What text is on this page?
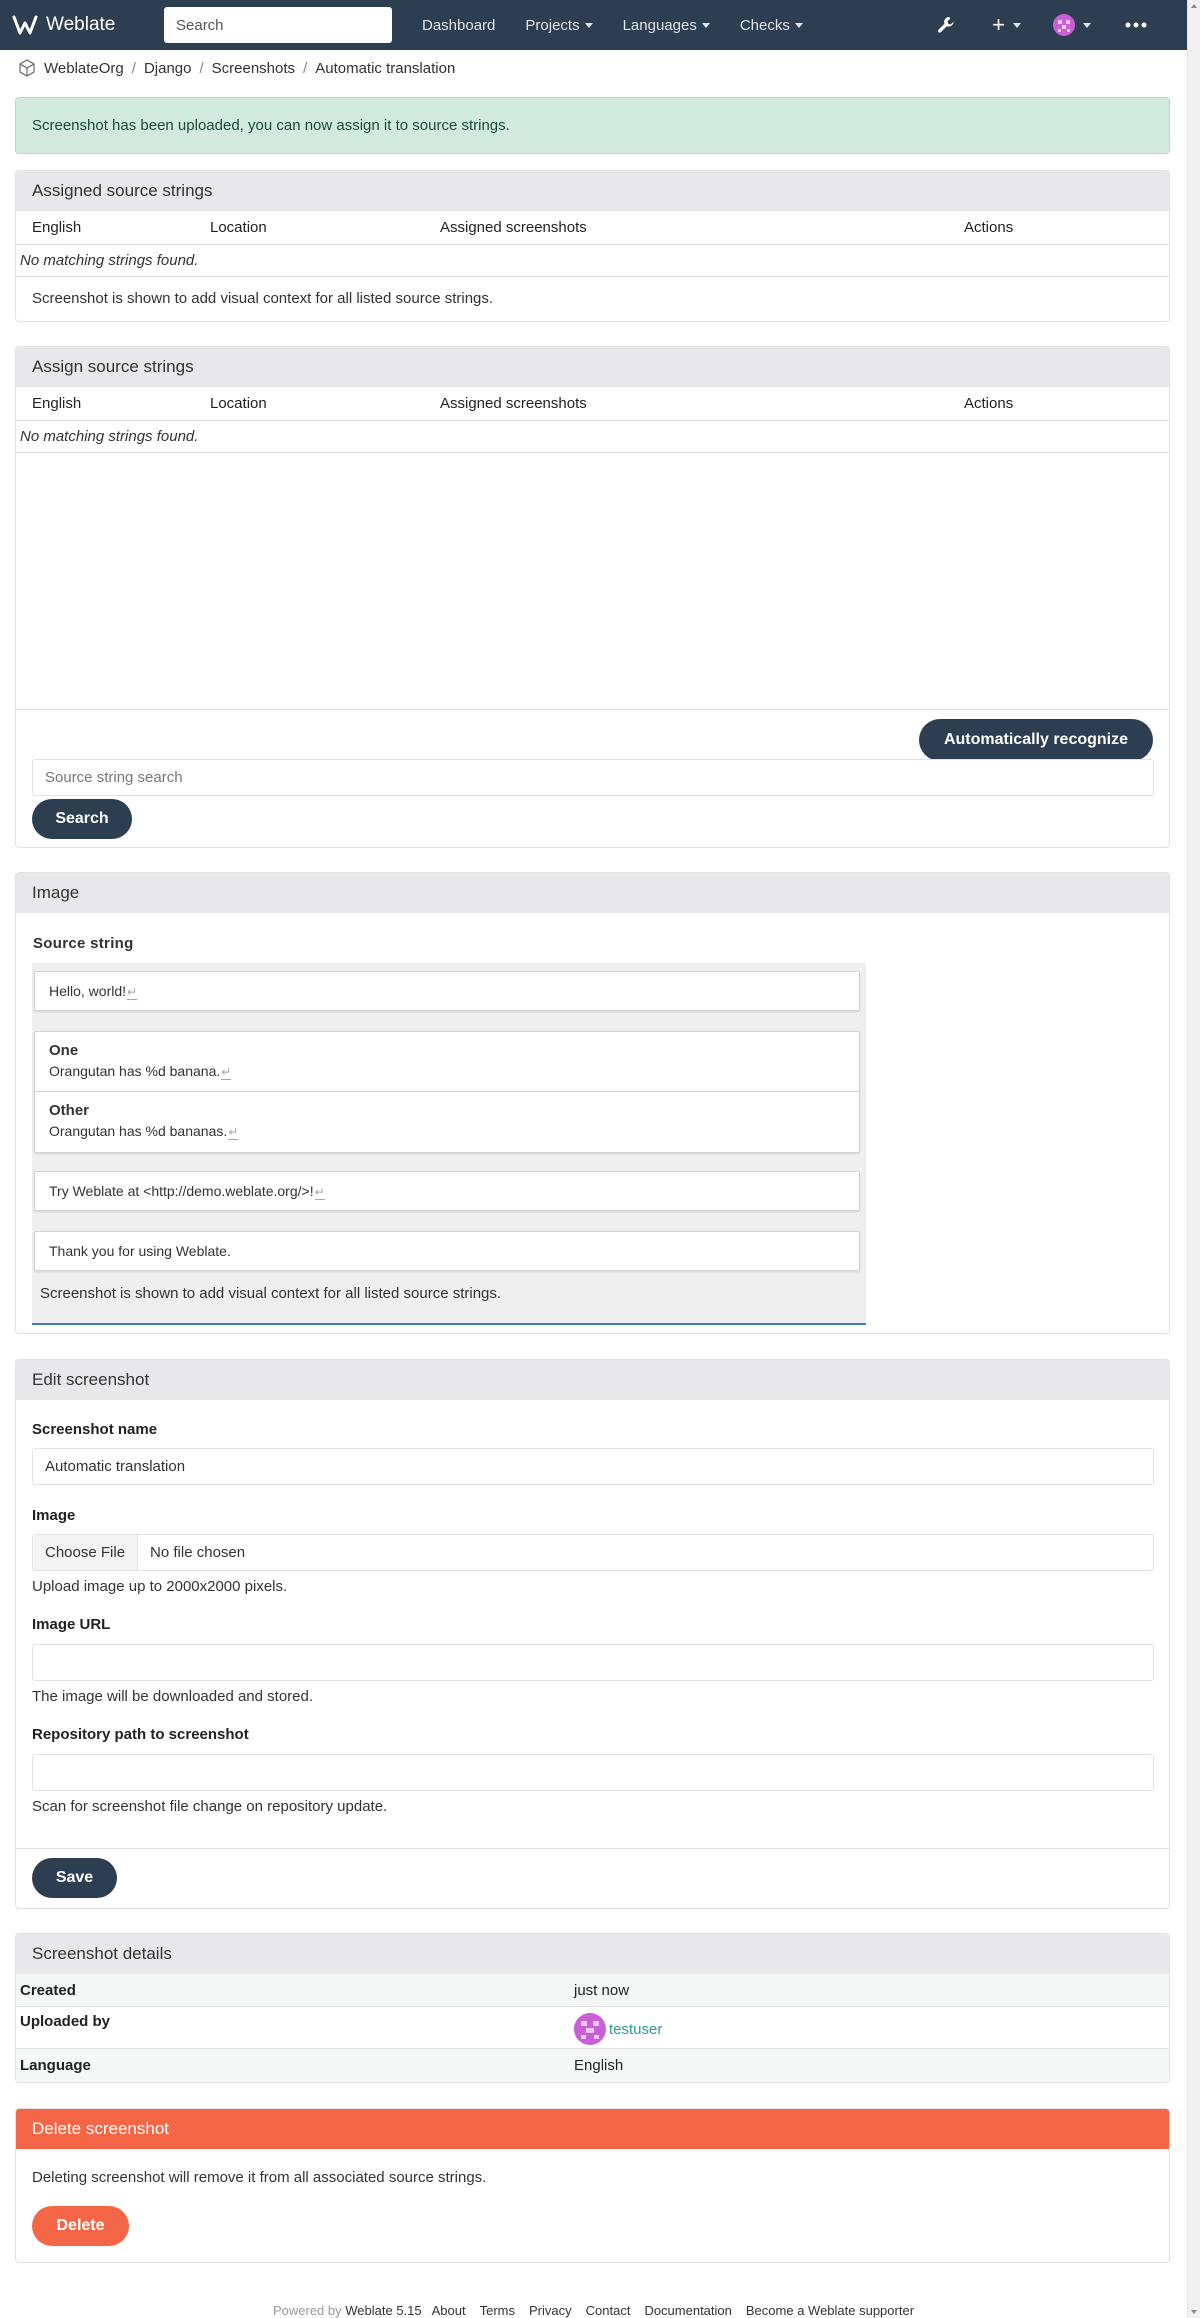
Weblate
Search	Dashboard Projects	Languages	Checks	+
WeblateOrg / Django / Screenshots / Automatic translation
Screenshot has been uploaded, you can now assign it to source strings.
Assigned source strings
English	Location	Assigned screenshots	Actions
No matching strings found.
Screenshot is shown to add visual context for all listed source strings.
Assign source strings
English	Location	Assigned screenshots	Actions
No matching strings found.
Automatically recognize
Source string search
Search
Image
Source string
Hello, world!↵
One
Orangutan has %d banana.↵
Other
Orangutan has %d bananas.↵
Try Weblate at <http://demo.weblate.org/>!↵
Thank you for using Weblate.
Screenshot is shown to add visual context for all listed source strings.
Edit screenshot
Screenshot name
Automatic translation
Image
Choose File	No file chosen
Upload image up to 2000x2000 pixels.
Image URL
The image will be downloaded and stored.
Repository path to screenshot
Scan for screenshot file change on repository update.
Save
Screenshot details
Created	just now
Uploaded by	testuser
Language	English
Delete screenshot
Deleting screenshot will remove it from all associated source strings.
Delete
Powered by Weblate 5.15 About Terms Privacy Contact Documentation Become a Weblate supporter
